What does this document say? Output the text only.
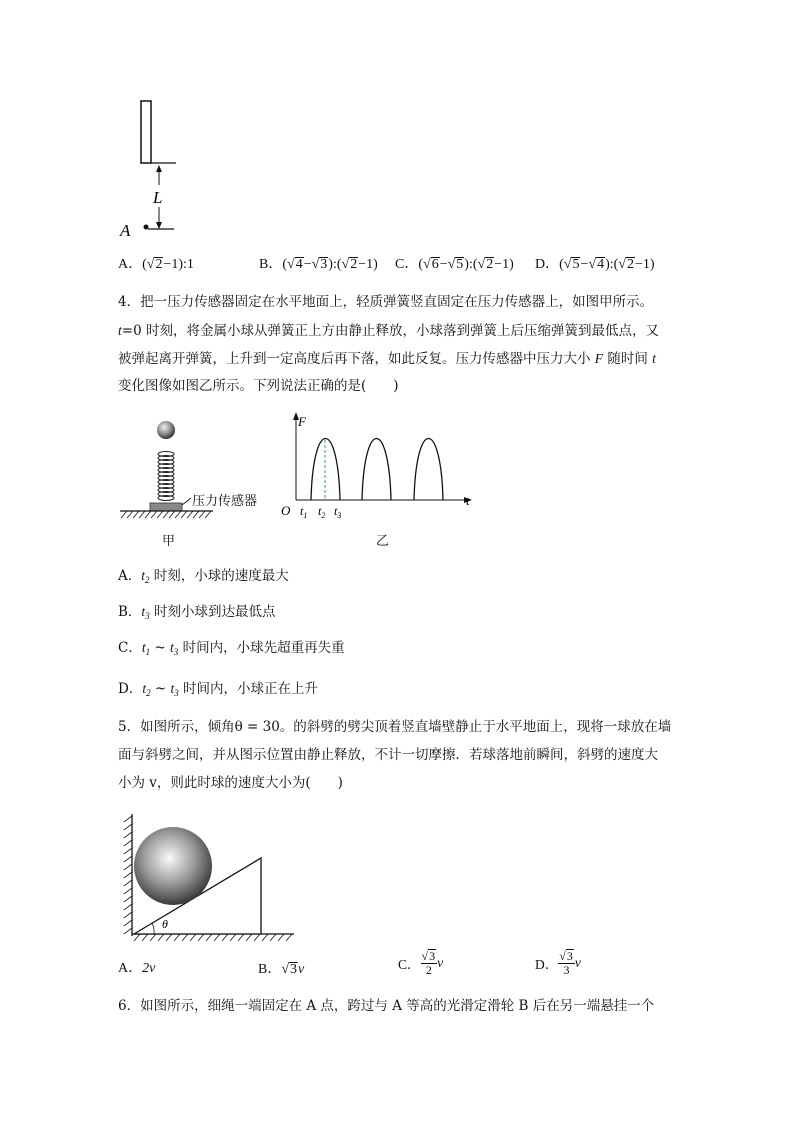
L
A
A．(√2−1):1	B．(√4−√3):(√2−1) C．(√6−√5):(√2−1) D．(√5−√4):(√2−1)
4．把一压力传感器固定在水平地面上，轻质弹簧竖直固定在压力传感器上，如图甲所示。
t=0 时刻，将金属小球从弹簧正上方由静止释放，小球落到弹簧上后压缩弹簧到最低点，又
被弹起离开弹簧，上升到一定高度后再下落，如此反复。压力传感器中压力大小 F 随时间 t
变化图像如图乙所示。下列说法正确的是(　　)
压力传感器
甲
F
t
O $t_1$ $t_2$ $t_3$
乙
A．$t_2$ 时刻，小球的速度最大
B．$t_3$ 时刻小球到达最低点
C．$t_1$ ~ $t_3$ 时间内，小球先超重再失重
D．$t_2$ ~ $t_3$ 时间内，小球正在上升
5．如图所示，倾角θ = 30。的斜劈的劈尖顶着竖直墙壁静止于水平地面上，现将一球放在墙
面与斜劈之间，并从图示位置由静止释放，不计一切摩擦．若球落地前瞬间，斜劈的速度大
小为 v，则此时球的速度大小为(　　)
θ
A．2v	B．√3v	C． $\frac{√3}{2}$ v	D． $\frac{√3}{3}$ v
6．如图所示，细绳一端固定在 A 点，跨过与 A 等高的光滑定滑轮 B 后在另一端悬挂一个
